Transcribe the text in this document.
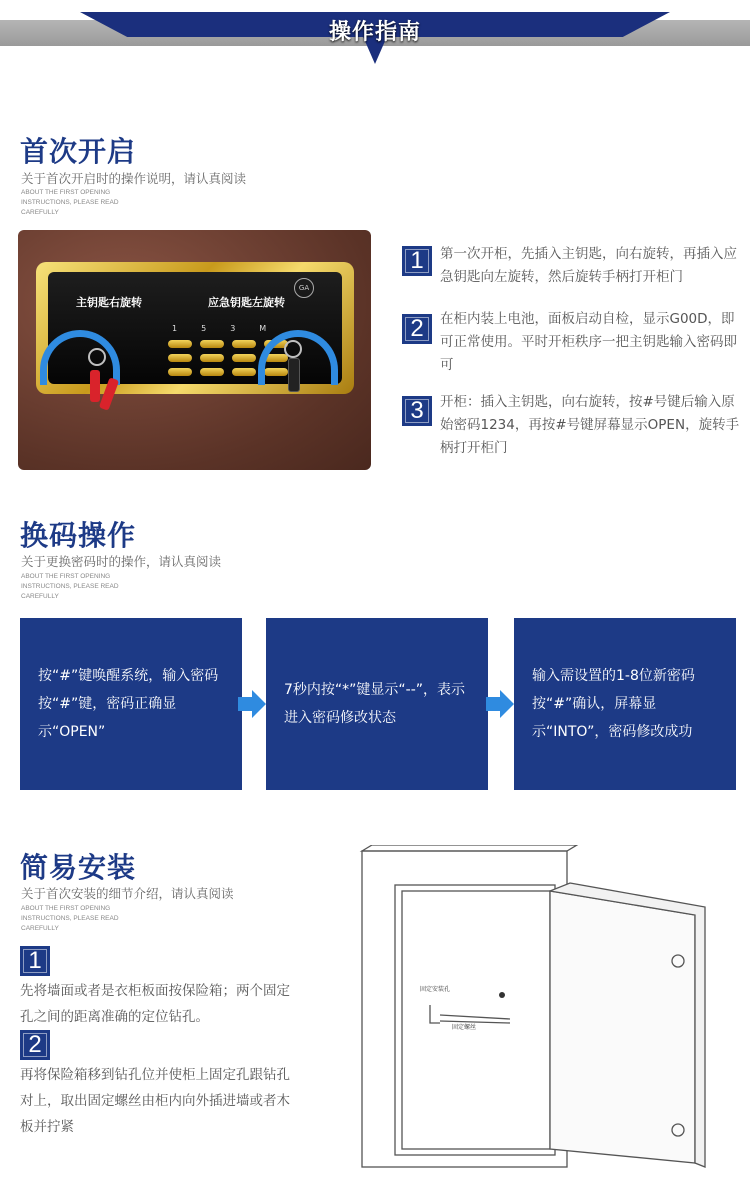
操作指南
首次开启
关于首次开启时的操作说明，请认真阅读
ABOUT THE FIRST OPENING INSTRUCTIONS, PLEASE READ CAREFULLY
主钥匙右旋转	应急钥匙左旋转
GA
1	5	3	M
1	第一次开柜，先插入主钥匙，向右旋转，再插入应急钥匙向左旋转，然后旋转手柄打开柜门
2	在柜内装上电池，面板启动自检，显示G00D，即可正常使用。平时开柜秩序一把主钥匙输入密码即可
3	开柜：插入主钥匙，向右旋转，按#号键后输入原始密码1234，再按#号键屏幕显示OPEN，旋转手柄打开柜门
换码操作
关于更换密码时的操作，请认真阅读
ABOUT THE FIRST OPENING INSTRUCTIONS, PLEASE READ CAREFULLY
按“#”键唤醒系统，输入密码按“#”键，密码正确显示“OPEN”
7秒内按“*”键显示“--”，表示进入密码修改状态
输入需设置的1-8位新密码按“#”确认，屏幕显示“INTO”，密码修改成功
简易安装
关于首次安装的细节介绍，请认真阅读
ABOUT THE FIRST OPENING INSTRUCTIONS, PLEASE READ CAREFULLY
1
先将墙面或者是衣柜板面按保险箱；两个固定孔之间的距离准确的定位钻孔。
2
再将保险箱移到钻孔位并使柜上固定孔跟钻孔对上，取出固定螺丝由柜内向外插进墙或者木板并拧紧
固定安装孔
固定螺丝
